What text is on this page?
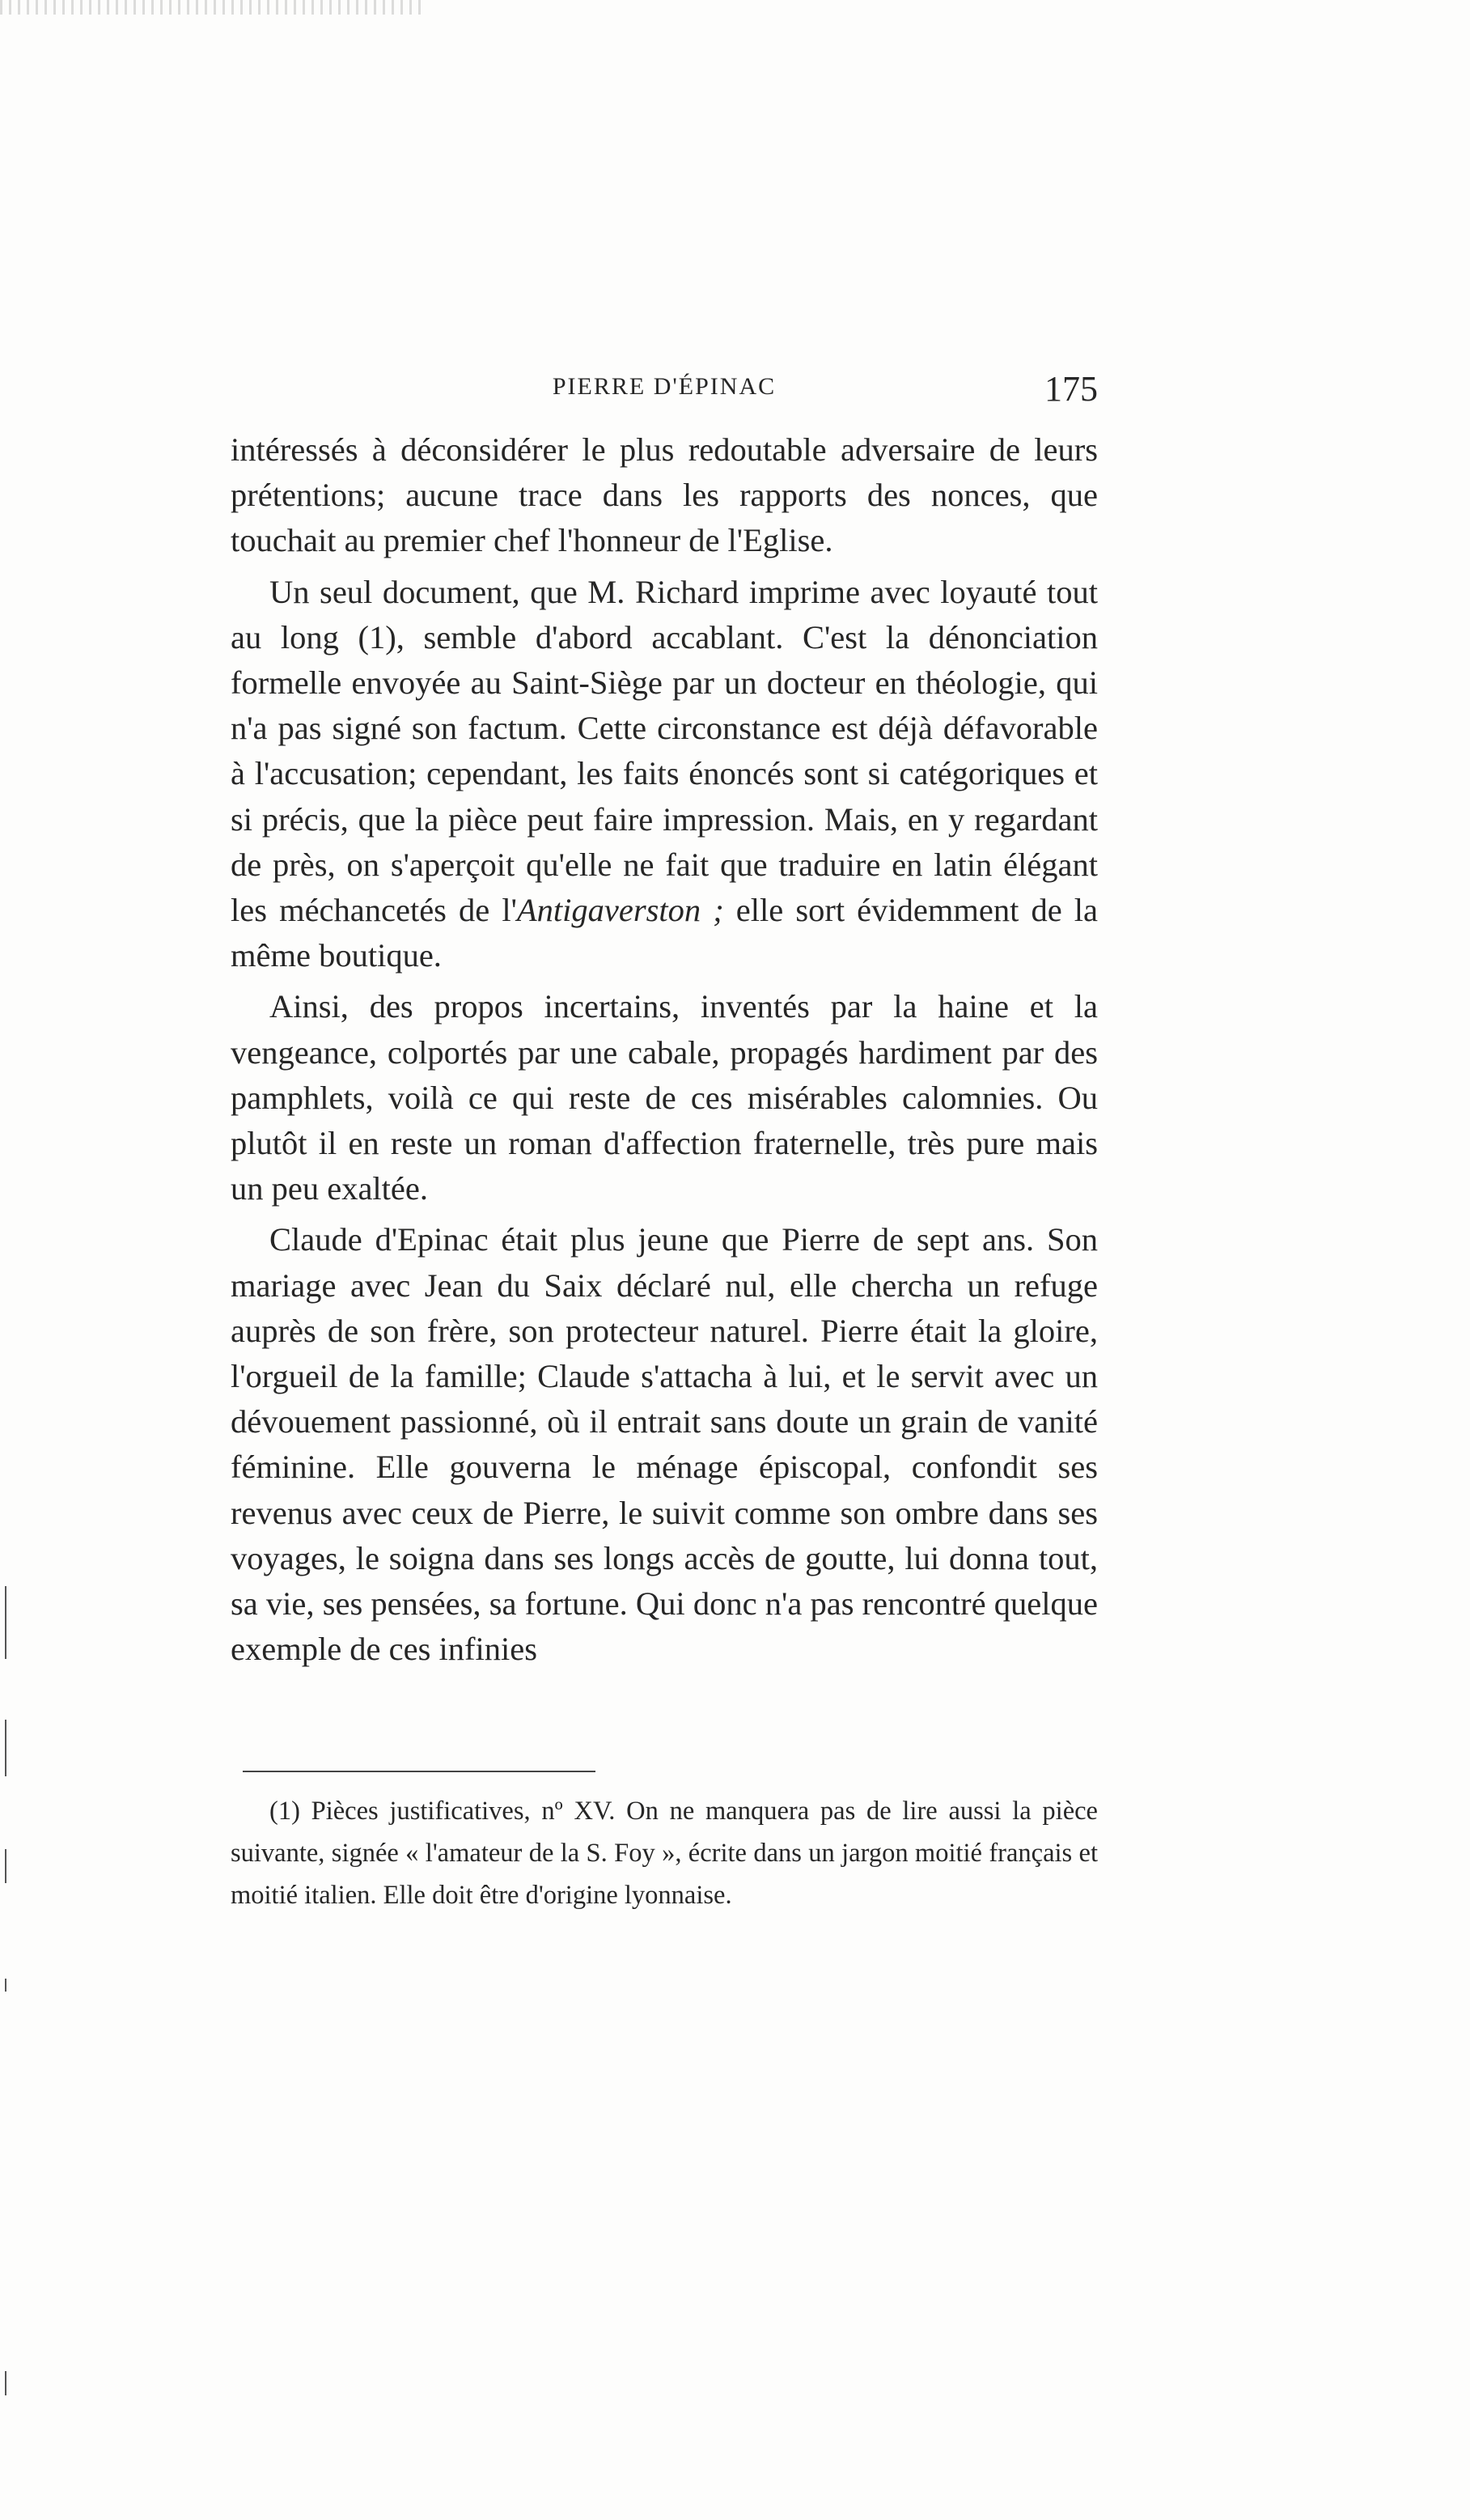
PIERRE D'ÉPINAC	175

intéressés à déconsidérer le plus redoutable adversaire de leurs prétentions; aucune trace dans les rapports des nonces, que touchait au premier chef l'honneur de l'Eglise.

Un seul document, que M. Richard imprime avec loyauté tout au long (1), semble d'abord accablant. C'est la dénonciation formelle envoyée au Saint-Siège par un docteur en théologie, qui n'a pas signé son factum. Cette circonstance est déjà défavorable à l'accusation; cependant, les faits énoncés sont si catégoriques et si précis, que la pièce peut faire impression. Mais, en y regardant de près, on s'aperçoit qu'elle ne fait que traduire en latin élégant les méchancetés de l'Antigaverston ; elle sort évidemment de la même boutique.

Ainsi, des propos incertains, inventés par la haine et la vengeance, colportés par une cabale, propagés hardiment par des pamphlets, voilà ce qui reste de ces misérables calomnies. Ou plutôt il en reste un roman d'affection fraternelle, très pure mais un peu exaltée.

Claude d'Epinac était plus jeune que Pierre de sept ans. Son mariage avec Jean du Saix déclaré nul, elle chercha un refuge auprès de son frère, son protecteur naturel. Pierre était la gloire, l'orgueil de la famille; Claude s'attacha à lui, et le servit avec un dévouement passionné, où il entrait sans doute un grain de vanité féminine. Elle gouverna le ménage épiscopal, confondit ses revenus avec ceux de Pierre, le suivit comme son ombre dans ses voyages, le soigna dans ses longs accès de goutte, lui donna tout, sa vie, ses pensées, sa fortune. Qui donc n'a pas rencontré quelque exemple de ces infinies

(1) Pièces justificatives, nº XV. On ne manquera pas de lire aussi la pièce suivante, signée « l'amateur de la S. Foy », écrite dans un jargon moitié français et moitié italien. Elle doit être d'origine lyonnaise.
